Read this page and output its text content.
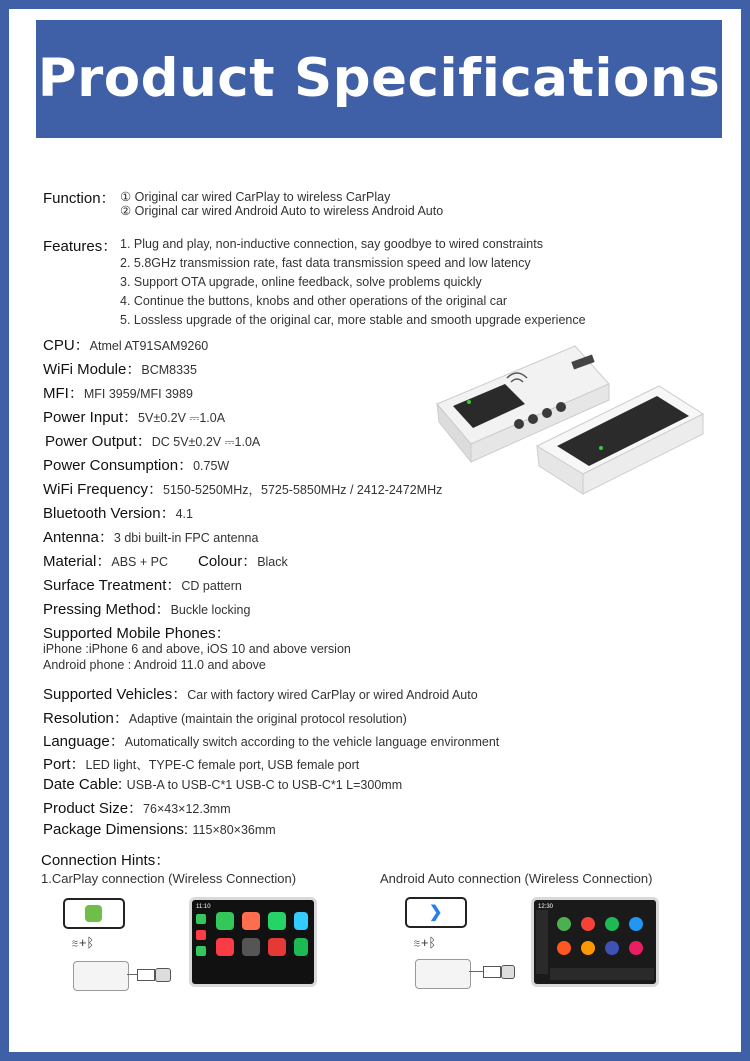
Product Specifications
Function： ① Original car wired CarPlay to wireless CarPlay
② Original car wired Android Auto to wireless Android Auto
Features： 1. Plug and play, non-inductive connection, say goodbye to wired constraints
2. 5.8GHz transmission rate, fast data transmission speed and low latency
3. Support OTA upgrade, online feedback, solve problems quickly
4. Continue the buttons, knobs and other operations of the original car
5. Lossless upgrade of the original car, more stable and smooth upgrade experience
CPU：Atmel AT91SAM9260
WiFi Module：BCM8335
MFI：MFI 3959/MFI 3989
Power Input：5V±0.2V ⎓1.0A
Power Output：DC 5V±0.2V ⎓1.0A
Power Consumption：0.75W
WiFi Frequency：5150-5250MHz，5725-5850MHz / 2412-2472MHz
Bluetooth Version：4.1
Antenna：3 dbi built-in FPC antenna
Material：ABS + PC Colour：Black
Surface Treatment：CD pattern
Pressing Method：Buckle locking
Supported Mobile Phones：
iPhone :iPhone 6 and above, iOS 10 and above version
Android phone : Android 11.0 and above
Supported Vehicles：Car with factory wired CarPlay or wired Android Auto
Resolution：Adaptive (maintain the original protocol resolution)
Language：Automatically switch according to the vehicle language environment
Port：LED light、TYPE-C female port, USB female port
Date Cable: USB-A to USB-C*1 USB-C to USB-C*1 L=300mm
Product Size：76×43×12.3mm
Package Dimensions: 115×80×36mm
Connection Hints：
1.CarPlay connection (Wireless Connection)	Android Auto connection (Wireless Connection)
≋+ᛒ
11:10	❯
≋+ᛒ
12:30
